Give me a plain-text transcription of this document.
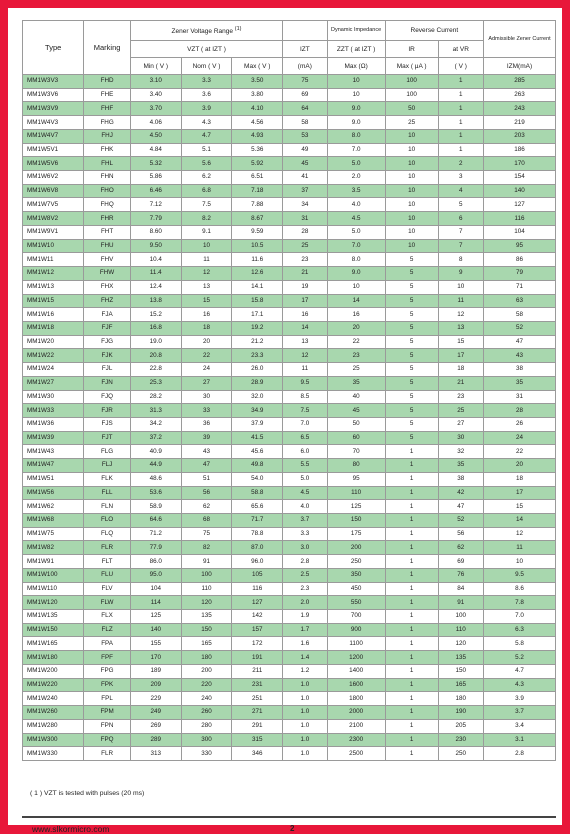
Type	Marking	Zener Voltage Range $^{(1)}$				Dynamic Impedance	Reverse Current		Admissible Zener Current
		VZT ( at IZT )			IZT	ZZT ( at IZT )	IR	at VR	
		Min ( V )	Nom ( V )	Max ( V )	(mA)	Max (Ω)	Max ( μA )	( V )	IZM(mA)
MM1W3V3	FHD	3.10	3.3	3.50	75	10	100	1	285
MM1W3V6	FHE	3.40	3.6	3.80	69	10	100	1	263
MM1W3V9	FHF	3.70	3.9	4.10	64	9.0	50	1	243
MM1W4V3	FHG	4.06	4.3	4.56	58	9.0	25	1	219
MM1W4V7	FHJ	4.50	4.7	4.93	53	8.0	10	1	203
MM1W5V1	FHK	4.84	5.1	5.36	49	7.0	10	1	186
MM1W5V6	FHL	5.32	5.6	5.92	45	5.0	10	2	170
MM1W6V2	FHN	5.86	6.2	6.51	41	2.0	10	3	154
MM1W6V8	FHO	6.46	6.8	7.18	37	3.5	10	4	140
MM1W7V5	FHQ	7.12	7.5	7.88	34	4.0	10	5	127
MM1W8V2	FHR	7.79	8.2	8.67	31	4.5	10	6	116
MM1W9V1	FHT	8.60	9.1	9.59	28	5.0	10	7	104
MM1W10	FHU	9.50	10	10.5	25	7.0	10	7	95
MM1W11	FHV	10.4	11	11.6	23	8.0	5	8	86
MM1W12	FHW	11.4	12	12.6	21	9.0	5	9	79
MM1W13	FHX	12.4	13	14.1	19	10	5	10	71
MM1W15	FHZ	13.8	15	15.8	17	14	5	11	63
MM1W16	FJA	15.2	16	17.1	16	16	5	12	58
MM1W18	FJF	16.8	18	19.2	14	20	5	13	52
MM1W20	FJG	19.0	20	21.2	13	22	5	15	47
MM1W22	FJK	20.8	22	23.3	12	23	5	17	43
MM1W24	FJL	22.8	24	26.0	11	25	5	18	38
MM1W27	FJN	25.3	27	28.9	9.5	35	5	21	35
MM1W30	FJQ	28.2	30	32.0	8.5	40	5	23	31
MM1W33	FJR	31.3	33	34.9	7.5	45	5	25	28
MM1W36	FJS	34.2	36	37.9	7.0	50	5	27	26
MM1W39	FJT	37.2	39	41.5	6.5	60	5	30	24
MM1W43	FLG	40.9	43	45.6	6.0	70	1	32	22
MM1W47	FLJ	44.9	47	49.8	5.5	80	1	35	20
MM1W51	FLK	48.6	51	54.0	5.0	95	1	38	18
MM1W56	FLL	53.6	56	58.8	4.5	110	1	42	17
MM1W62	FLN	58.9	62	65.6	4.0	125	1	47	15
MM1W68	FLO	64.6	68	71.7	3.7	150	1	52	14
MM1W75	FLQ	71.2	75	78.8	3.3	175	1	56	12
MM1W82	FLR	77.9	82	87.0	3.0	200	1	62	11
MM1W91	FLT	86.0	91	96.0	2.8	250	1	69	10
MM1W100	FLU	95.0	100	105	2.5	350	1	76	9.5
MM1W110	FLV	104	110	116	2.3	450	1	84	8.6
MM1W120	FLW	114	120	127	2.0	550	1	91	7.8
MM1W135	FLX	125	135	142	1.9	700	1	100	7.0
MM1W150	FLZ	140	150	157	1.7	900	1	110	6.3
MM1W165	FPA	155	165	172	1.6	1100	1	120	5.8
MM1W180	FPF	170	180	191	1.4	1200	1	135	5.2
MM1W200	FPG	189	200	211	1.2	1400	1	150	4.7
MM1W220	FPK	209	220	231	1.0	1600	1	165	4.3
MM1W240	FPL	229	240	251	1.0	1800	1	180	3.9
MM1W260	FPM	249	260	271	1.0	2000	1	190	3.7
MM1W280	FPN	269	280	291	1.0	2100	1	205	3.4
MM1W300	FPQ	289	300	315	1.0	2300	1	230	3.1
MM1W330	FLR	313	330	346	1.0	2500	1	250	2.8
( 1 ) VZT is tested with pulses (20 ms)
www.slkormicro.com	2
